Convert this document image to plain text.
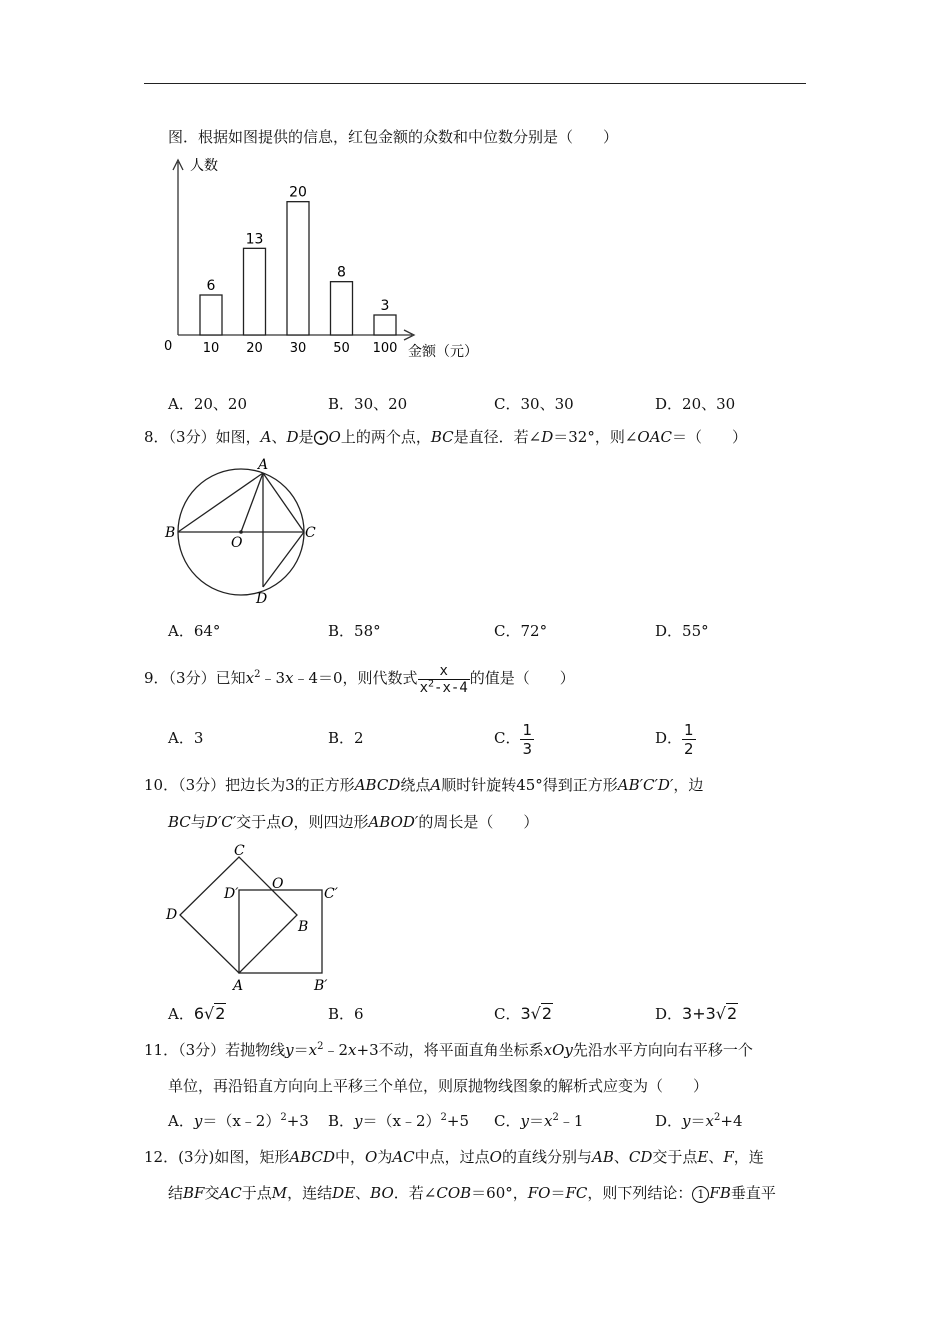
图．根据如图提供的信息，红包金额的众数和中位数分别是（　　）
人数
金额（元）
0
6
10
13
20
20
30
8
50
3
100
A．20、20	B．30、20	C．30、30	D．20、30
8．（3分）如图，A、D是⨀O上的两个点，BC是直径．若∠D＝32°，则∠OAC＝（　　）
A
B	C
D
O
A．64°	B．58°	C．72°	D．55°
9．（3分）已知$x^2﹣3x﹣4=0$，则代数式 $\frac{x}{x^2-x-4}$ 的值是（　　）
A．3	B．2	C． $\frac{1}{3}$	D． $\frac{1}{2}$
10．（3分）把边长为3的正方形ABCD绕点A顺时针旋转45°得到正方形AB′C′D′，边
BC与D′C′交于点O，则四边形ABOD′的周长是（　　）
C
D
A
B
O
D′	C′
B′
A．6√2	B．6	C．3√2	D．3+3√2
11．（3分）若抛物线$y=x^2﹣2x+3$不动，将平面直角坐标系xOy先沿水平方向向右平移一个
单位，再沿铅直方向向上平移三个单位，则原抛物线图象的解析式应变为（　　）
A．y＝（x﹣2）$^2$+3 B．y＝（x﹣2）$^2$+5 C．$y=x^2﹣1$	D．$y=x^2+4$
12．(3分)如图，矩形ABCD中，O为AC中点，过点O的直线分别与AB、CD交于点E、F，连
结BF交AC于点M，连结DE、BO．若∠COB＝60°，FO＝FC，则下列结论： 1 FB垂直平
